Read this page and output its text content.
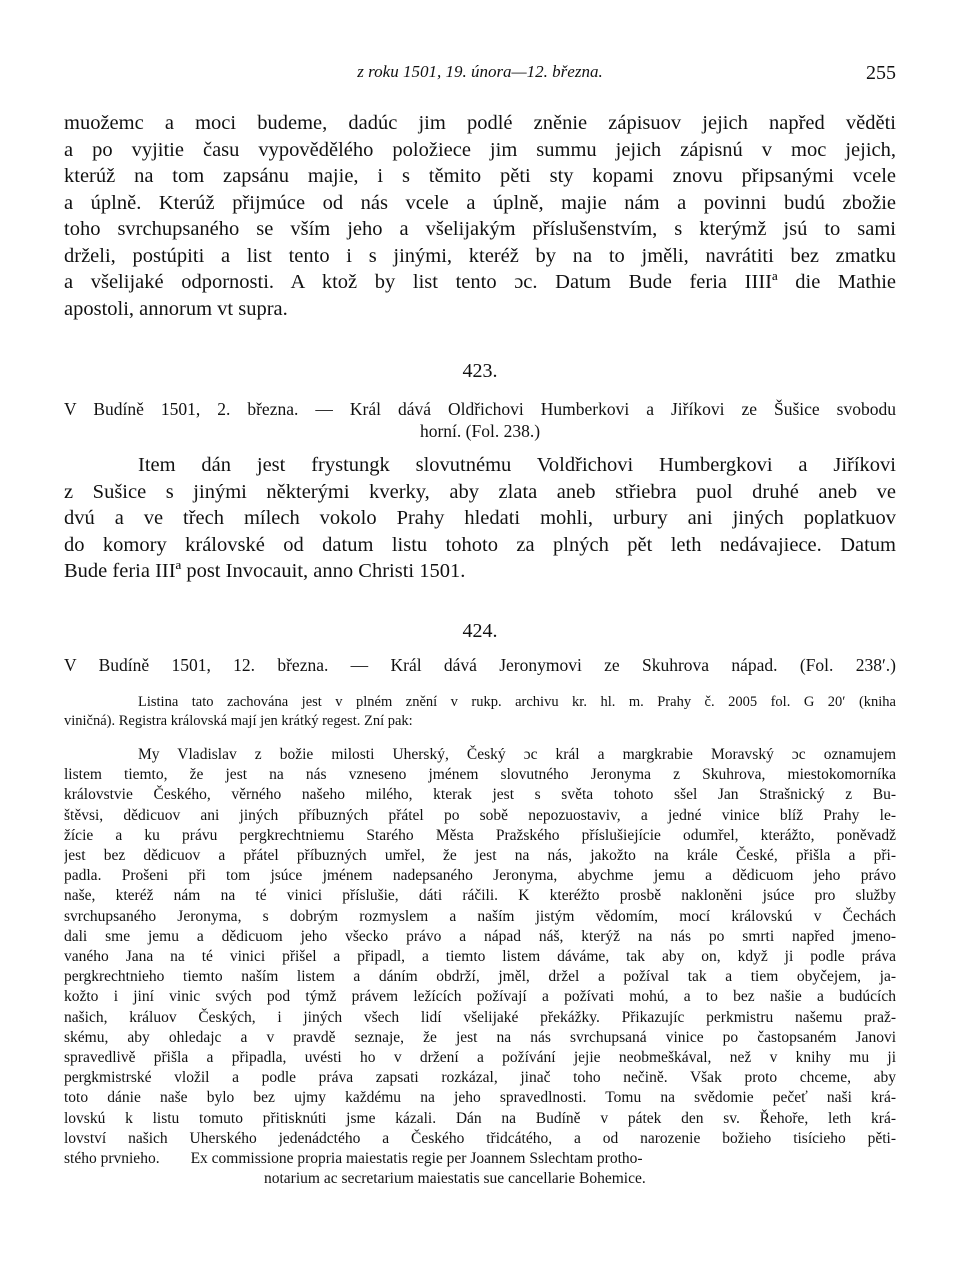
z roku 1501, 19. února—12. března.	255
muožemc a moci budeme, dadúc jim podlé zněnie zápisuov jejich napřed věděti
a po vyjitie času vypověděléhо položiece jim summu jejich zápisnú v moc jejich,
kterúž na tom zapsánu majie, i s těmito pěti sty kopami znovu připsanými vcele
a úplně. Kterúž přijmúce od nás vcele a úplně, majie nám a povinni budú zbožie
toho svrchupsaného se vším jeho a všelijakým příslušenstvím, s kterýmž jsú to sami
drželi, postúpiti a list tento i s jinými, kteréž by na to jměli, navrátiti bez zmatku
a všelijaké odpornosti. A ktož by list tento ɔc. Datum Bude feria IIIIª die Mathie
apostoli, annorum vt supra.
423.
V Budíně 1501, 2. března. — Král dává Oldřichovi Humberkovi a Jiříkovi ze Šušice svobodu
horní. (Fol. 238.)
Item dán jest frystungk slovutnému Voldřichovi Humbergkovi a Jiříkovi
z Sušice s jinými některými kverky, aby zlata aneb střiebra puol druhé aneb ve
dvú a ve třech mílech vokolo Prahy hledati mohli, urbury ani jiných poplatkuov
do komory královské od datum listu tohoto za plných pět leth nedávajiece. Datum
Bude feria IIIª post Invocauit, anno Christi 1501.
424.
V Budíně 1501, 12. března. — Král dává Jeronymovi ze Skuhrova nápad. (Fol. 238ʹ.)
Listina tato zachována jest v plném znění v rukp. archivu kr. hl. m. Prahy č. 2005 fol. G 20ʹ (kniha
viničná). Registra královská mají jen krátký regest. Zní pak:
My Vladislav z božie milosti Uherský, Český ɔc král a margkrabie Moravský ɔc oznamujem
listem tiemto, že jest na nás vzneseno jménem slovutného Jeronyma z Skuhrova, miestokomorníka
královstvie Českého, věrného našeho milého, kterak jest s světa tohoto sšel Jan Strašnický z Bu-
štěvsi, dědicuov ani jiných příbuzných přátel po sobě nepozuostaviv, a jedné vinice blíž Prahy le-
žície a ku právu pergkrechtniemu Starého Města Pražského příslušiejície odumřel, kterážto, poněvadž
jest bez dědicuov a přátel příbuzných umřel, že jest na nás, jakožto na krále České, přišla a při-
padla. Prošeni při tom jsúce jménem nadepsaného Jeronyma, abychme jemu a dědicuom jeho právo
naše, kteréž nám na té vinici příslušie, dáti ráčili. K kteréžto prosbě nakloněni jsúce pro službу
svrchupsaného Jeronyma, s dobrým rozmyslem a naším jistým vědomím, mocí královskú v Čechách
dali sme jemu a dědicuom jeho všecko právo a nápad náš, kterýž na nás po smrti napřed jmeno-
vaného Jana na té vinici přišel a připadl, a tiemto listem dáváme, tak aby on, když ji podle práva
pergkrechtnieho tiemto naším listem a dáním obdrží, jměl, držel a požíval tak a tiem obyčejem, ja-
kožto i jiní vinic svých pod týmž právem ležících požívají a požívati mohú, a to bez našie a budúcích
našich, králuov Českých, i jiných všech lidí všelijaké překážky. Přikazujíc perkmistru našemu praž-
skému, aby ohledajc a v pravdě seznaje, že jest na nás svrchupsaná vinice po častopsaném Janovi
spravedlivě přišla a připadla, uvésti ho v držení a požívání jejie neobmeškával, než v knihy mu ji
pergkmistrské vložil a podle práva zapsati rozkázal, jinač toho nečině. Však proto chceme, aby
toto dánie naše bylo bez ujmy každému na jeho spravedlnosti. Tomu na svědomie pečeť naši krá-
lovskú k listu tomuto přitisknúti jsme kázali. Dán na Budíně v pátek den sv. Řehoře, leth krá-
lovství našich Uherského jedenádctého a Českého třidcátého, a od narozenie božieho tisícieho pěti-
stého prvnieho.        Ex commissione propria maiestatis regie per Joannem Sslechtam protho-
notarium ac secretarium maiestatis sue cancellarie Bohemice.
